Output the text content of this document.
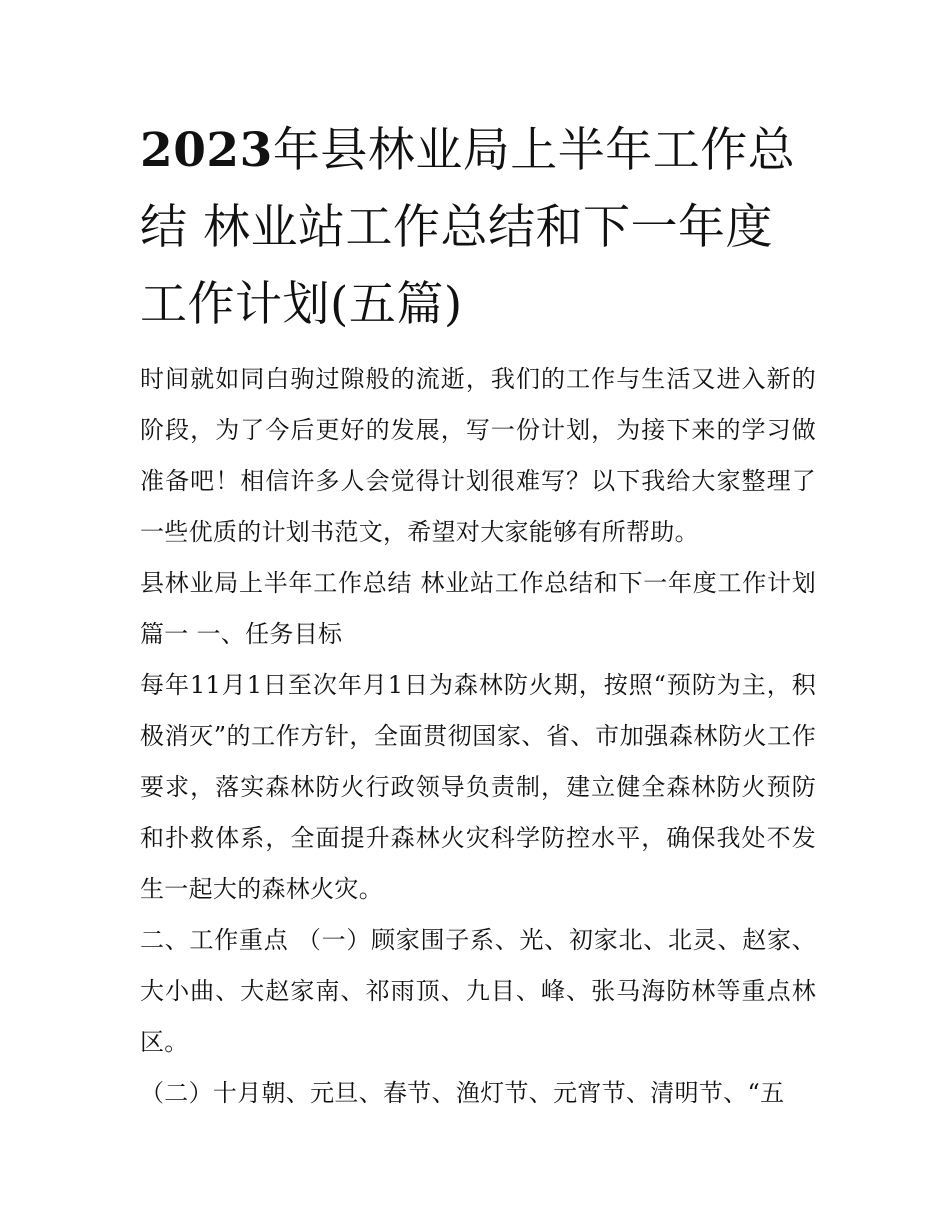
2023年县林业局上半年工作总结 林业站工作总结和下一年度工作计划(五篇)

时间就如同白驹过隙般的流逝，我们的工作与生活又进入新的阶段，为了今后更好的发展，写一份计划，为接下来的学习做准备吧！相信许多人会觉得计划很难写？以下我给大家整理了一些优质的计划书范文，希望对大家能够有所帮助。

县林业局上半年工作总结 林业站工作总结和下一年度工作计划篇一 一、任务目标

每年11月1日至次年月1日为森林防火期，按照“预防为主，积极消灭”的工作方针，全面贯彻国家、省、市加强森林防火工作要求，落实森林防火行政领导负责制，建立健全森林防火预防和扑救体系，全面提升森林火灾科学防控水平，确保我处不发生一起大的森林火灾。

二、工作重点 （一）顾家围子系、光、初家北、北灵、赵家、大小曲、大赵家南、祁雨顶、九目、峰、张马海防林等重点林区。

（二）十月朝、元旦、春节、渔灯节、元宵节、清明节、“五
